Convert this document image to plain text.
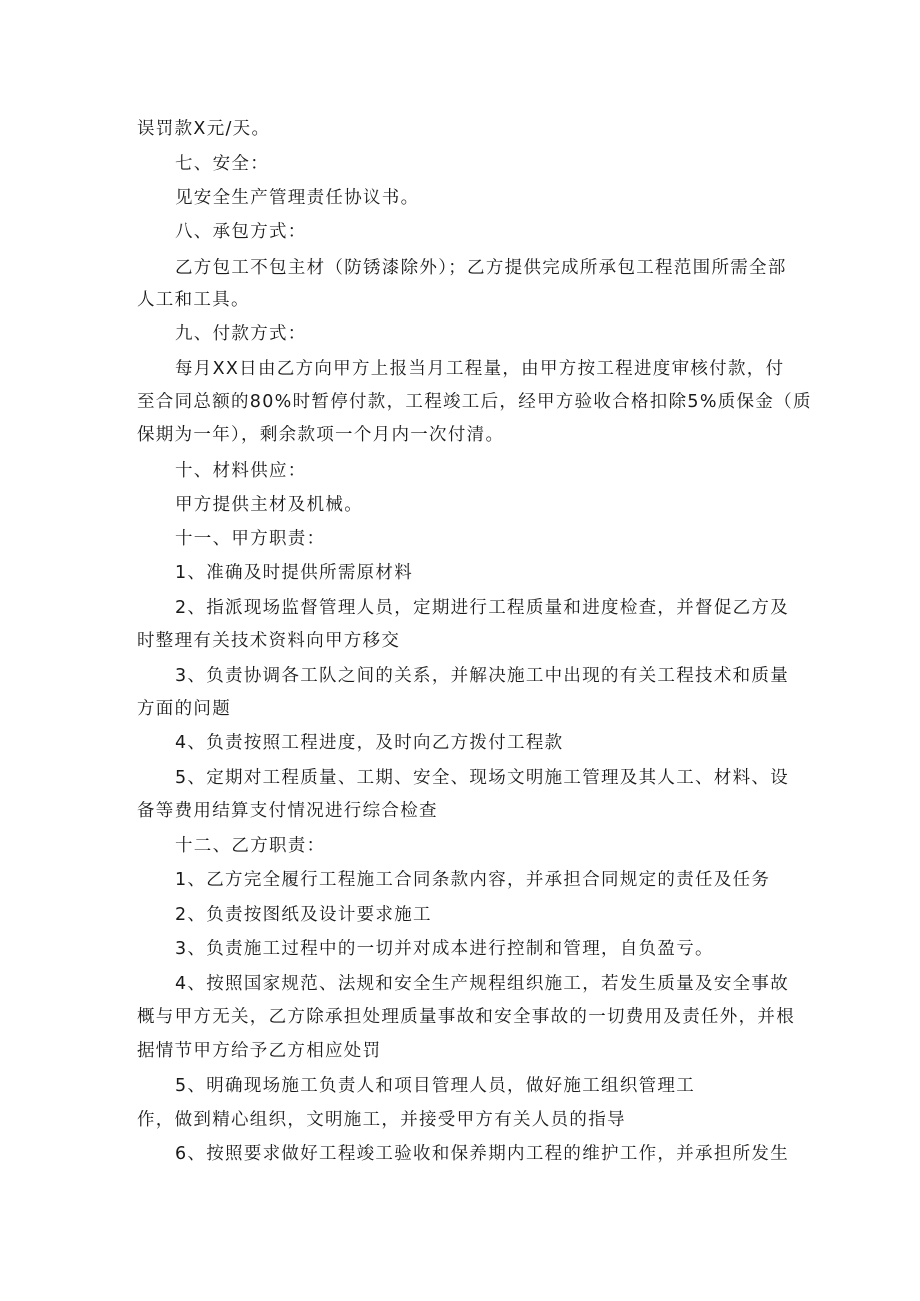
误罚款X元/天。
七、安全：
见安全生产管理责任协议书。
八、承包方式：
乙方包工不包主材（防锈漆除外）；乙方提供完成所承包工程范围所需全部
人工和工具。
九、付款方式：
每月XX日由乙方向甲方上报当月工程量，由甲方按工程进度审核付款，付
至合同总额的80%时暂停付款，工程竣工后，经甲方验收合格扣除5%质保金（质
保期为一年），剩余款项一个月内一次付清。
十、材料供应：
甲方提供主材及机械。
十一、甲方职责：
1、准确及时提供所需原材料
2、指派现场监督管理人员，定期进行工程质量和进度检查，并督促乙方及
时整理有关技术资料向甲方移交
3、负责协调各工队之间的关系，并解决施工中出现的有关工程技术和质量
方面的问题
4、负责按照工程进度，及时向乙方拨付工程款
5、定期对工程质量、工期、安全、现场文明施工管理及其人工、材料、设
备等费用结算支付情况进行综合检查
十二、乙方职责：
1、乙方完全履行工程施工合同条款内容，并承担合同规定的责任及任务
2、负责按图纸及设计要求施工
3、负责施工过程中的一切并对成本进行控制和管理，自负盈亏。
4、按照国家规范、法规和安全生产规程组织施工，若发生质量及安全事故
概与甲方无关，乙方除承担处理质量事故和安全事故的一切费用及责任外，并根
据情节甲方给予乙方相应处罚
5、明确现场施工负责人和项目管理人员，做好施工组织管理工
作，做到精心组织，文明施工，并接受甲方有关人员的指导
6、按照要求做好工程竣工验收和保养期内工程的维护工作，并承担所发生
